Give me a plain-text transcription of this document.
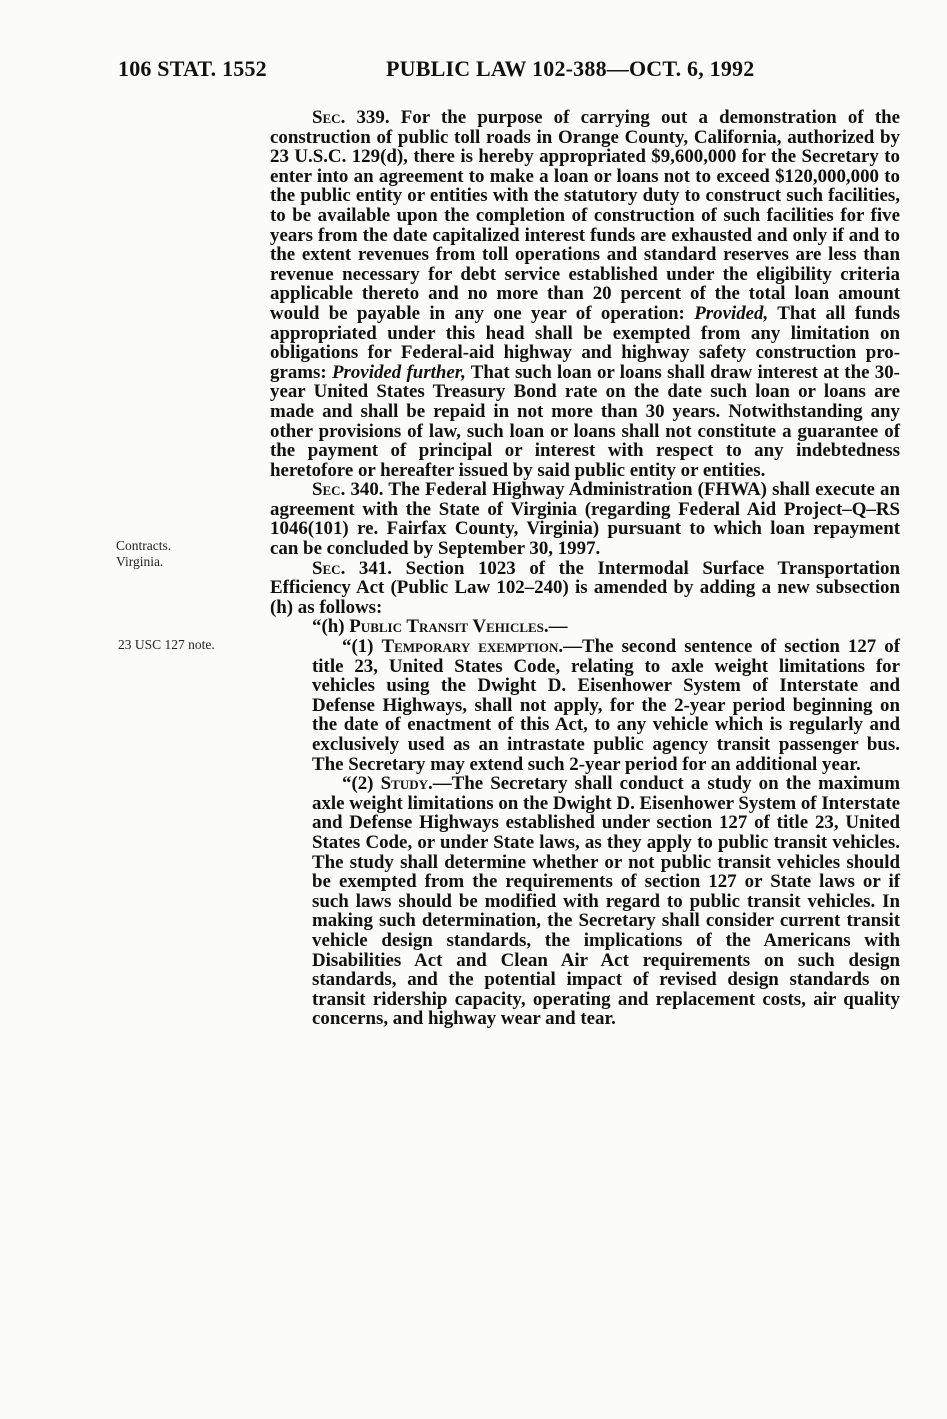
106 STAT. 1552	PUBLIC LAW 102-388—OCT. 6, 1992
Contracts.
Virginia.
23 USC 127 note.

Sec. 339. For the purpose of carrying out a demonstration of the construction of public toll roads in Orange County, California, authorized by 23 U.S.C. 129(d), there is hereby appropriated $9,600,000 for the Secretary to enter into an agreement to make a loan or loans not to exceed $120,000,000 to the public entity or entities with the statutory duty to construct such facilities, to be available upon the completion of construction of such facilities for five years from the date capitalized interest funds are exhausted and only if and to the extent revenues from toll operations and standard reserves are less than revenue necessary for debt service established under the eligibility criteria applicable thereto and no more than 20 percent of the total loan amount would be payable in any one year of operation: Provided, That all funds appropriated under this head shall be exempted from any limitation on obligations for Federal-aid highway and highway safety construction programs: Provided further, That such loan or loans shall draw interest at the 30-year United States Treasury Bond rate on the date such loan or loans are made and shall be repaid in not more than 30 years. Notwithstanding any other provisions of law, such loan or loans shall not constitute a guarantee of the payment of principal or interest with respect to any indebtedness heretofore or hereafter issued by said public entity or entities.

Sec. 340. The Federal Highway Administration (FHWA) shall execute an agreement with the State of Virginia (regarding Federal Aid Project–Q–RS 1046(101) re. Fairfax County, Virginia) pursuant to which loan repayment can be concluded by September 30, 1997.

Sec. 341. Section 1023 of the Intermodal Surface Transportation Efficiency Act (Public Law 102–240) is amended by adding a new subsection (h) as follows:

“(h) Public Transit Vehicles.—

“(1) Temporary exemption.—The second sentence of section 127 of title 23, United States Code, relating to axle weight limitations for vehicles using the Dwight D. Eisenhower System of Interstate and Defense Highways, shall not apply, for the 2-year period beginning on the date of enactment of this Act, to any vehicle which is regularly and exclusively used as an intrastate public agency transit passenger bus. The Secretary may extend such 2-year period for an additional year.

“(2) Study.—The Secretary shall conduct a study on the maximum axle weight limitations on the Dwight D. Eisenhower System of Interstate and Defense Highways established under section 127 of title 23, United States Code, or under State laws, as they apply to public transit vehicles. The study shall determine whether or not public transit vehicles should be exempted from the requirements of section 127 or State laws or if such laws should be modified with regard to public transit vehicles. In making such determination, the Secretary shall consider current transit vehicle design standards, the implications of the Americans with Disabilities Act and Clean Air Act requirements on such design standards, and the potential impact of revised design standards on transit ridership capacity, operating and replacement costs, air quality concerns, and highway wear and tear.
